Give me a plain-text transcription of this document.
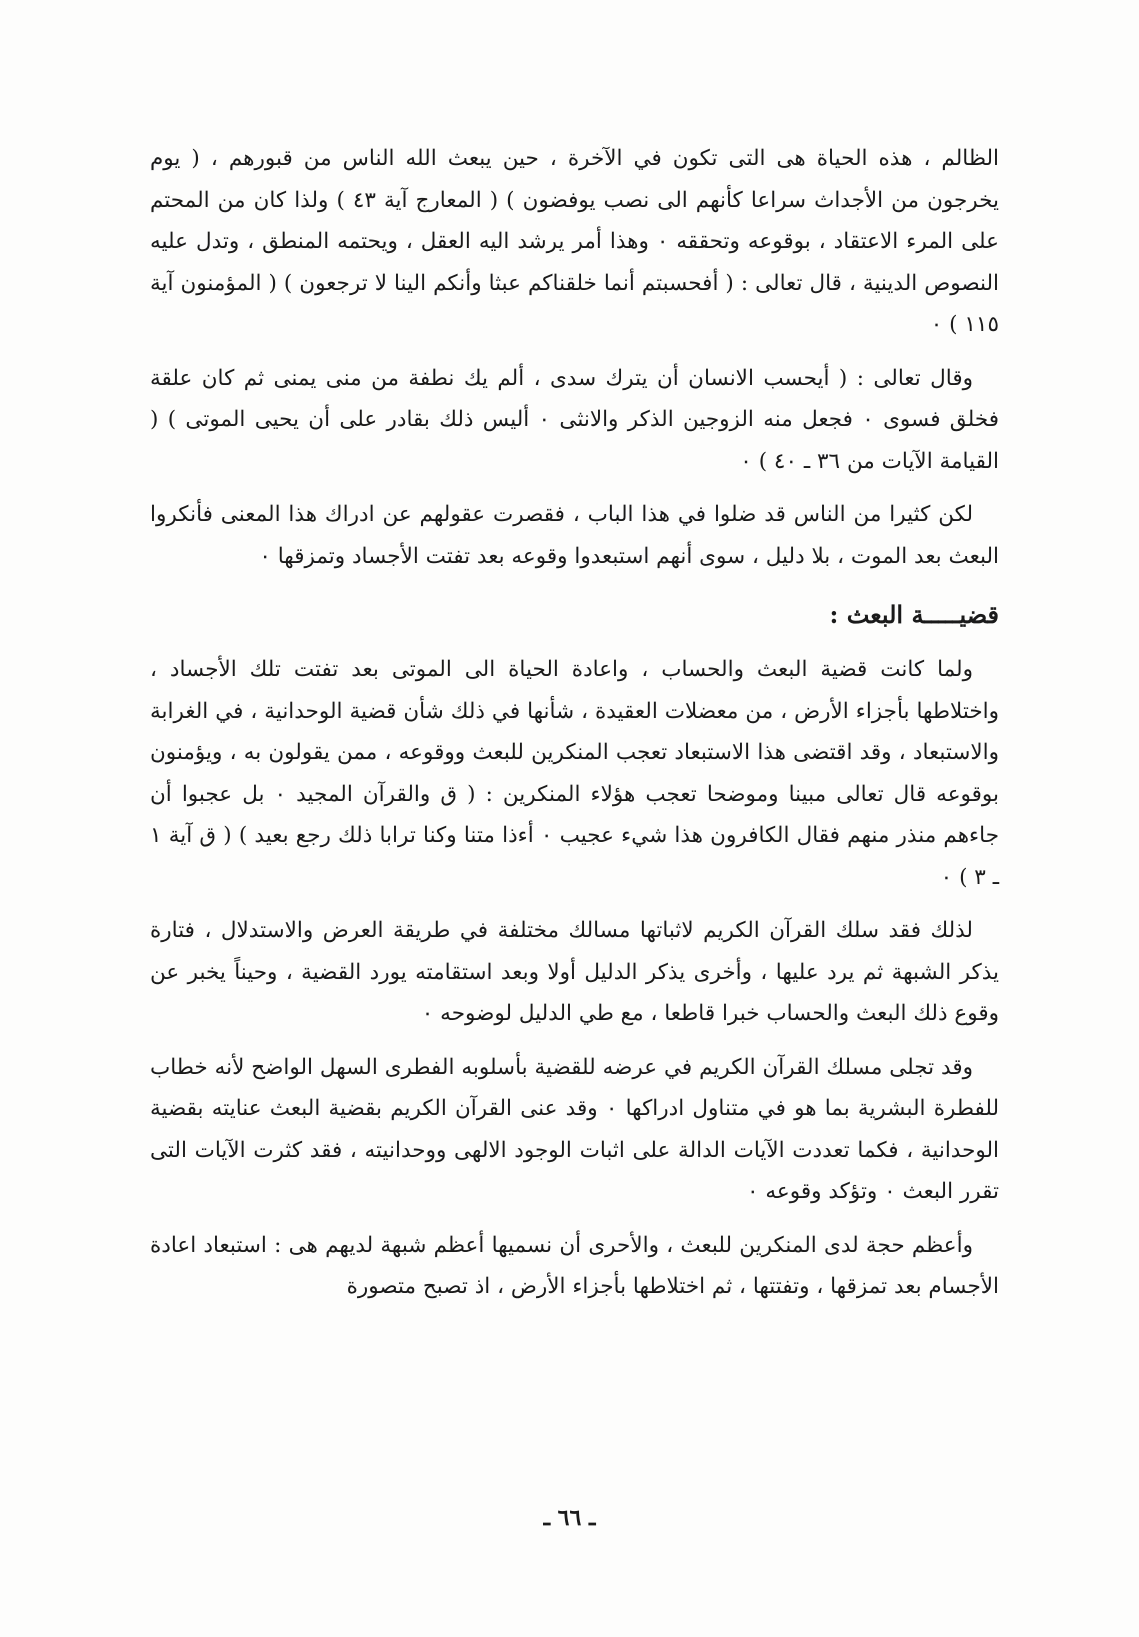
الظالم ، هذه الحياة هى التى تكون في الآخرة ، حين يبعث الله الناس من قبورهم ، ( يوم يخرجون من الأجداث سراعا كأنهم الى نصب يوفضون ) ( المعارج آية ٤٣ ) ولذا كان من المحتم على المرء الاعتقاد ، بوقوعه وتحققه ٠ وهذا أمر يرشد اليه العقل ، ويحتمه المنطق ، وتدل عليه النصوص الدينية ، قال تعالى : ( أفحسبتم أنما خلقناكم عبثا وأنكم الينا لا ترجعون ) ( المؤمنون آية ١١٥ ) ٠

وقال تعالى : ( أيحسب الانسان أن يترك سدى ، ألم يك نطفة من منى يمنى ثم كان علقة فخلق فسوى ٠ فجعل منه الزوجين الذكر والانثى ٠ أليس ذلك بقادر على أن يحيى الموتى ) ( القيامة الآيات من ٣٦ ـ ٤٠ ) ٠

لكن كثيرا من الناس قد ضلوا في هذا الباب ، فقصرت عقولهم عن ادراك هذا المعنى فأنكروا البعث بعد الموت ، بلا دليل ، سوى أنهم استبعدوا وقوعه بعد تفتت الأجساد وتمزقها ٠

قضيـــــة البعث :

ولما كانت قضية البعث والحساب ، واعادة الحياة الى الموتى بعد تفتت تلك الأجساد ، واختلاطها بأجزاء الأرض ، من معضلات العقيدة ، شأنها في ذلك شأن قضية الوحدانية ، في الغرابة والاستبعاد ، وقد اقتضى هذا الاستبعاد تعجب المنكرين للبعث ووقوعه ، ممن يقولون به ، ويؤمنون بوقوعه قال تعالى مبينا وموضحا تعجب هؤلاء المنكرين : ( ق والقرآن المجيد ٠ بل عجبوا أن جاءهم منذر منهم فقال الكافرون هذا شيء عجيب ٠ أءذا متنا وكنا ترابا ذلك رجع بعيد ) ( ق آية ١ ـ ٣ ) ٠

لذلك فقد سلك القرآن الكريم لاثباتها مسالك مختلفة في طريقة العرض والاستدلال ، فتارة يذكر الشبهة ثم يرد عليها ، وأخرى يذكر الدليل أولا وبعد استقامته يورد القضية ، وحيناً يخبر عن وقوع ذلك البعث والحساب خبرا قاطعا ، مع طي الدليل لوضوحه ٠

وقد تجلى مسلك القرآن الكريم في عرضه للقضية بأسلوبه الفطرى السهل الواضح لأنه خطاب للفطرة البشرية بما هو في متناول ادراكها ٠ وقد عنى القرآن الكريم بقضية البعث عنايته بقضية الوحدانية ، فكما تعددت الآيات الدالة على اثبات الوجود الالهى ووحدانيته ، فقد كثرت الآيات التى تقرر البعث ٠ وتؤكد وقوعه ٠

وأعظم حجة لدى المنكرين للبعث ، والأحرى أن نسميها أعظم شبهة لديهم هى : استبعاد اعادة الأجسام بعد تمزقها ، وتفتتها ، ثم اختلاطها بأجزاء الأرض ، اذ تصبح متصورة

ـ ٦٦ ـ
